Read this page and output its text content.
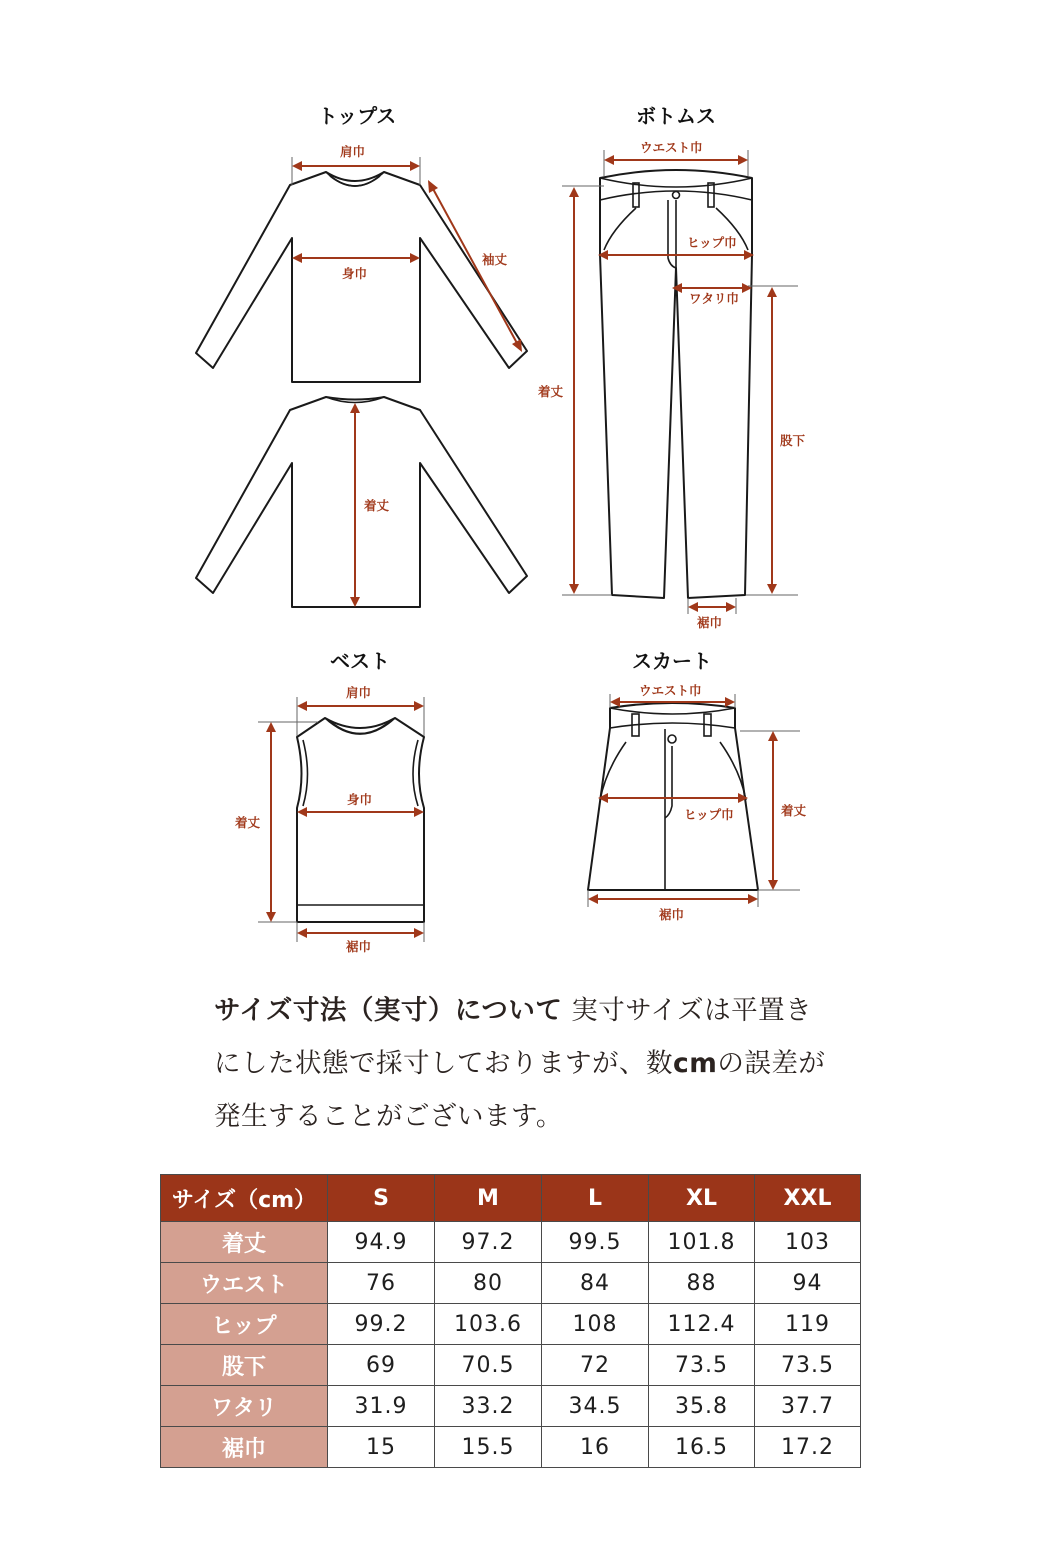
トップス
肩巾
身巾
袖丈
着丈
ボトムス
ウエスト巾
ヒップ巾
ワタリ巾
着丈
股下
裾巾
ベスト
肩巾
身巾
着丈
裾巾
スカート
ウエスト巾
ヒップ巾	着丈
裾巾

サイズ寸法（実寸）について 実寸サイズは平置きにした状態で採寸しておりますが、数cmの誤差が発生することがございます。

サイズ（cm）	S	M	L	XL	XXL
着丈	94.9	97.2	99.5	101.8	103
ウエスト	76	80	84	88	94
ヒップ	99.2	103.6	108	112.4	119
股下	69	70.5	72	73.5	73.5
ワタリ	31.9	33.2	34.5	35.8	37.7
裾巾	15	15.5	16	16.5	17.2
